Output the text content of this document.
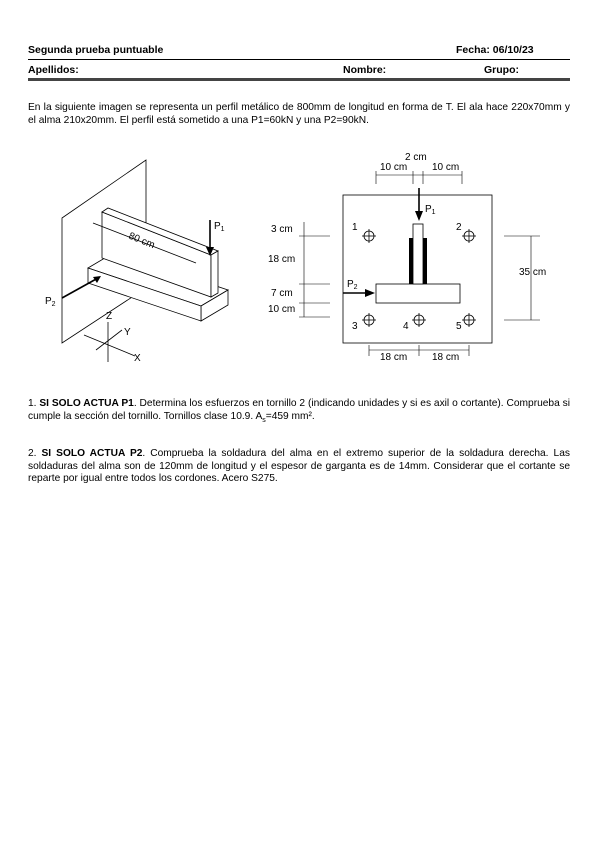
Segunda prueba puntuable	Fecha: 06/10/23
Apellidos:	Nombre:	Grupo:
En la siguiente imagen se representa un perfil metálico de 800mm de longitud en forma de T. El ala hace 220x70mm y el alma 210x20mm. El perfil está sometido a una P1=60kN y una P2=90kN.
80 cm
$P_1$
$P_2$
Z
Y
X
2 cm
10 cm 10 cm
$P_1$
$P_2$
3 cm
18 cm
7 cm
10 cm
35 cm
18 cm 18 cm
1	2
3	4	5
1. SI SOLO ACTUA P1. Determina los esfuerzos en tornillo 2 (indicando unidades y si es axil o cortante). Comprueba si cumple la sección del tornillo. Tornillos clase 10.9. $A_s=459$ mm².
2. SI SOLO ACTUA P2. Comprueba la soldadura del alma en el extremo superior de la soldadura derecha. Las soldaduras del alma son de 120mm de longitud y el espesor de garganta es de 14mm. Considerar que el cortante se reparte por igual entre todos los cordones. Acero S275.
